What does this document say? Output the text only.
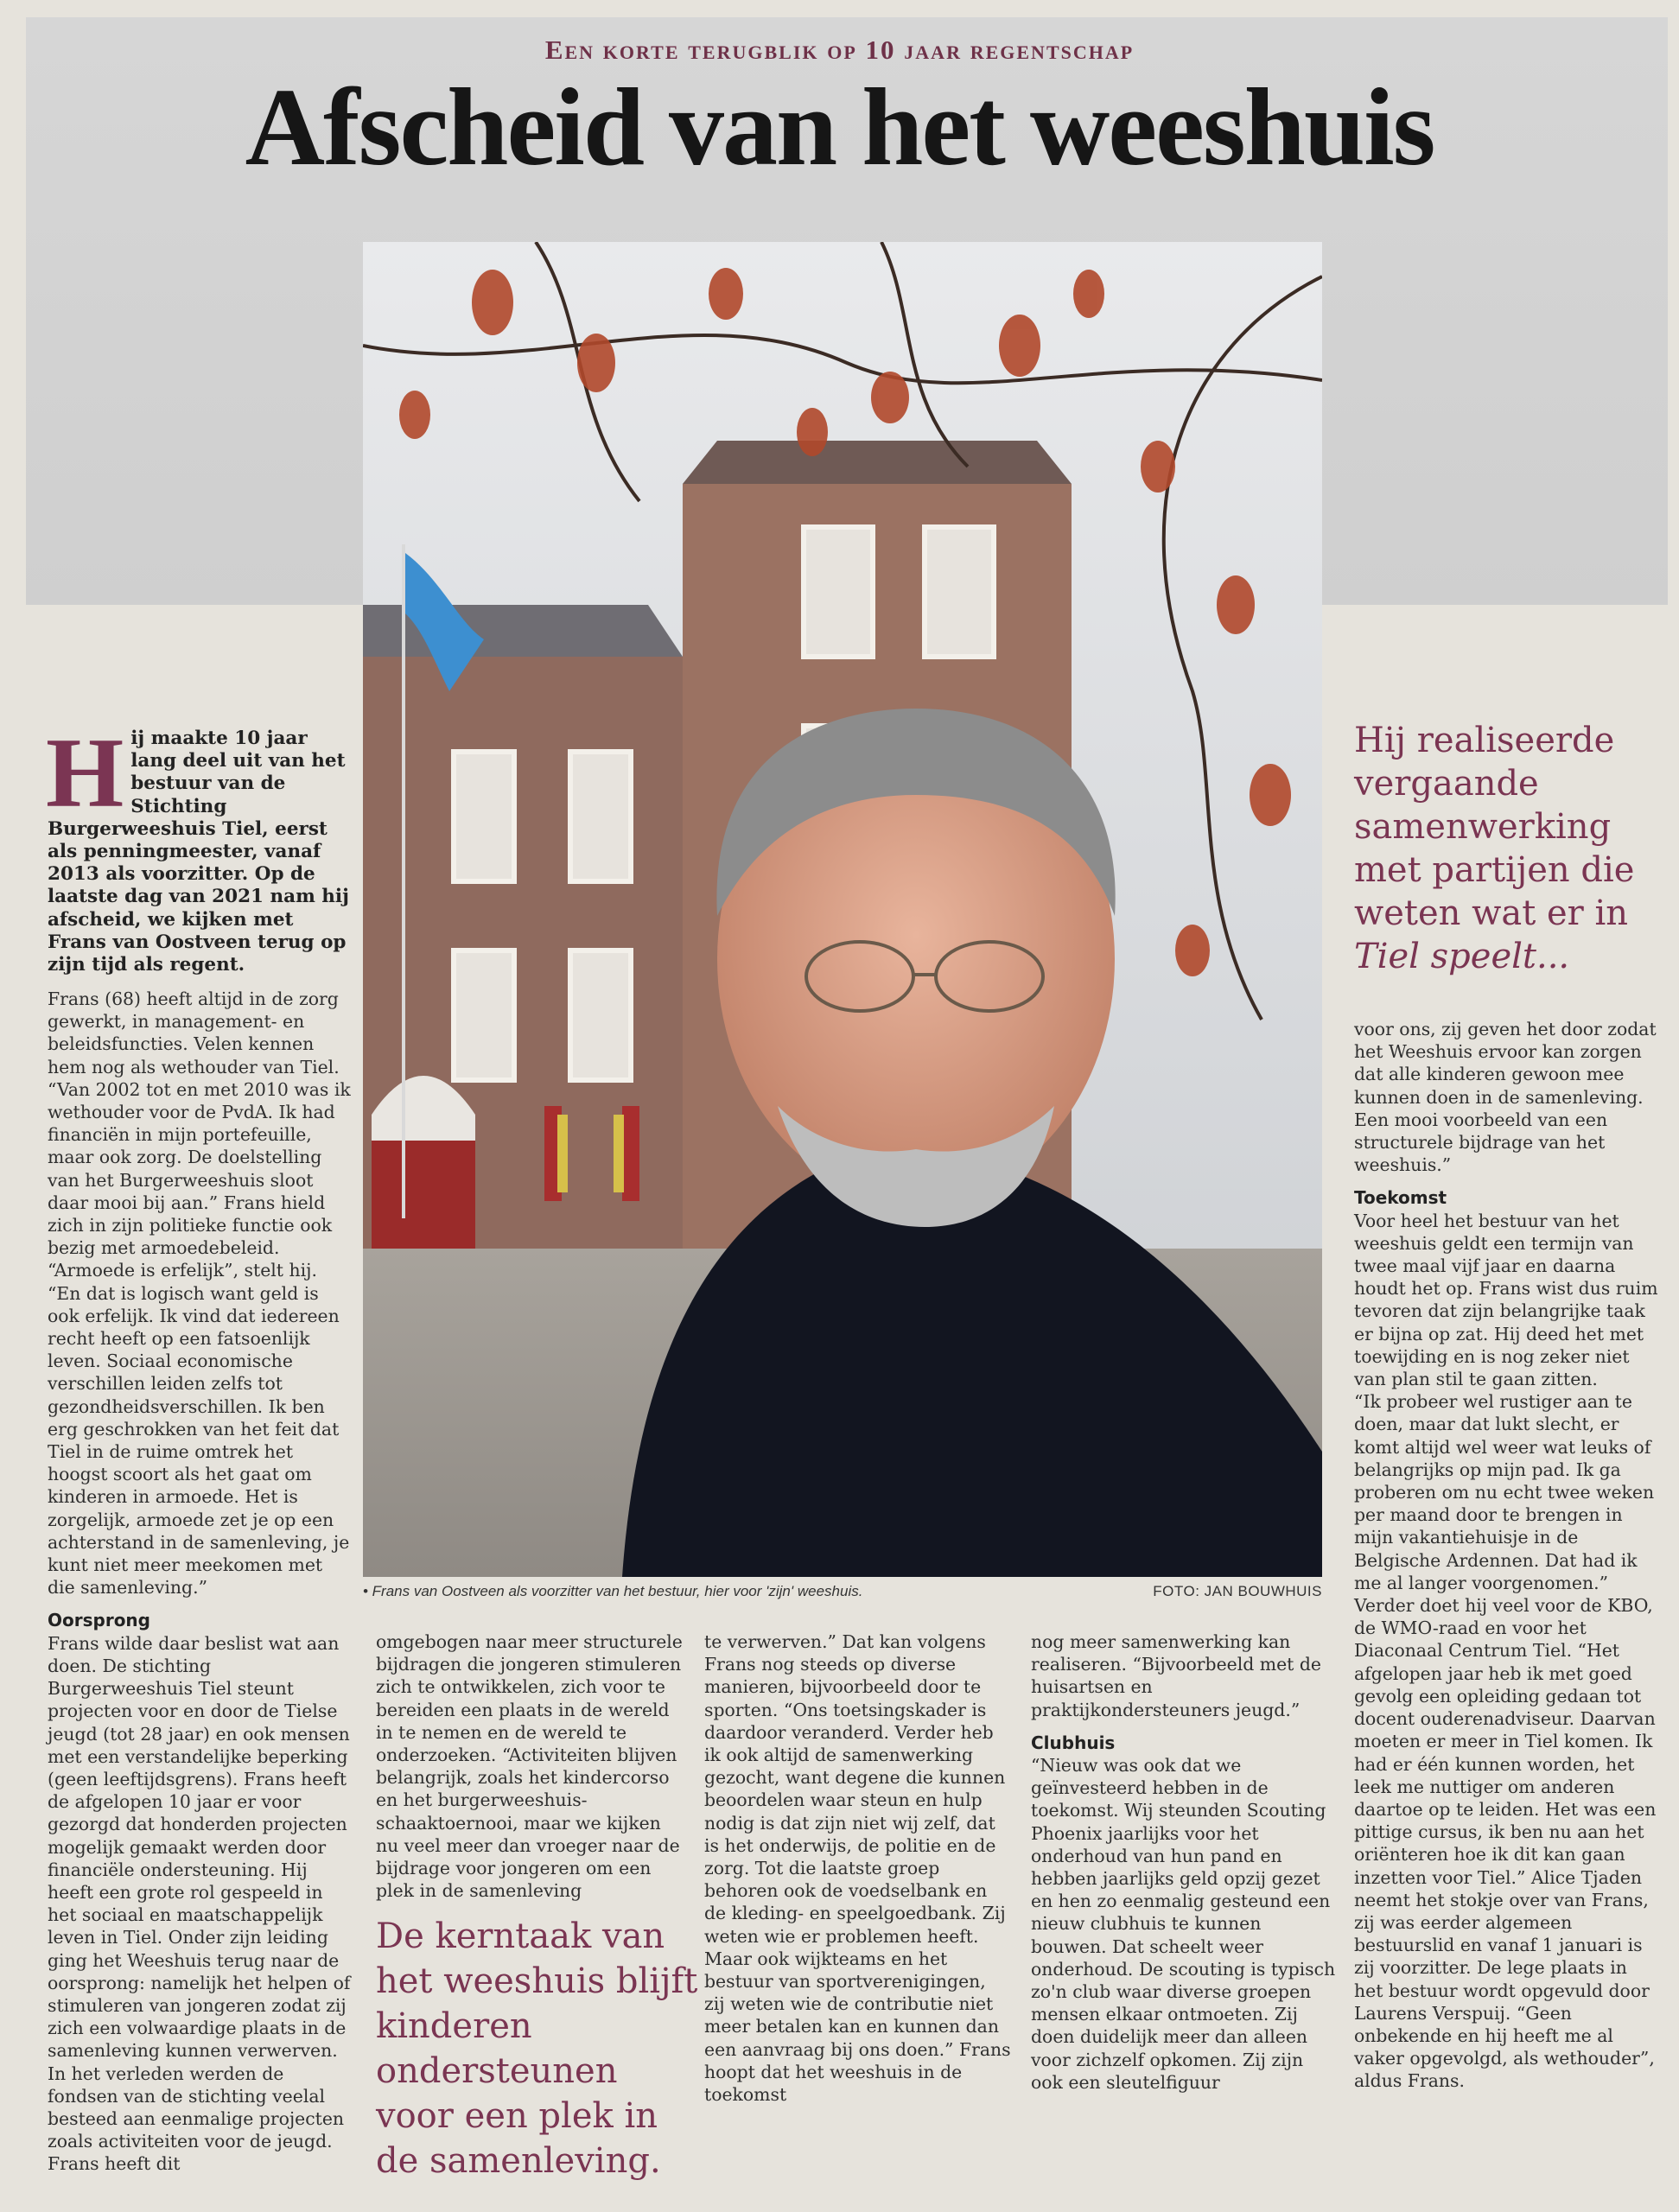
Een korte terugblik op 10 jaar regentschap
Afscheid van het weeshuis
• Frans van Oostveen als voorzitter van het bestuur, hier voor 'zijn' weeshuis.	FOTO: JAN BOUWHUIS
H ij maakte 10 jaar lang deel uit van het bestuur van de Stichting Burgerweeshuis Tiel, eerst als penningmeester, vanaf 2013 als voorzitter. Op de laatste dag van 2021 nam hij afscheid, we kijken met Frans van Oostveen terug op zijn tijd als regent.

Frans (68) heeft altijd in de zorg gewerkt, in management- en beleidsfuncties. Velen kennen hem nog als wethouder van Tiel. “Van 2002 tot en met 2010 was ik wethouder voor de PvdA. Ik had financiën in mijn portefeuille, maar ook zorg. De doelstelling van het Burgerweeshuis sloot daar mooi bij aan.” Frans hield zich in zijn politieke functie ook bezig met armoedebeleid. “Armoede is erfelijk”, stelt hij. “En dat is logisch want geld is ook erfelijk. Ik vind dat iedereen recht heeft op een fatsoenlijk leven. Sociaal economische verschillen leiden zelfs tot gezondheidsverschillen. Ik ben erg geschrokken van het feit dat Tiel in de ruime omtrek het hoogst scoort als het gaat om kinderen in armoede. Het is zorgelijk, armoede zet je op een achterstand in de samenleving, je kunt niet meer meekomen met die samenleving.”

Oorsprong

Frans wilde daar beslist wat aan doen. De stichting Burgerweeshuis Tiel steunt projecten voor en door de Tielse jeugd (tot 28 jaar) en ook mensen met een verstandelijke beperking (geen leeftijdsgrens). Frans heeft de afgelopen 10 jaar er voor gezorgd dat honderden projecten mogelijk gemaakt werden door financiële ondersteuning. Hij heeft een grote rol gespeeld in het sociaal en maatschappelijk leven in Tiel. Onder zijn leiding ging het Weeshuis terug naar de oorsprong: namelijk het helpen of stimuleren van jongeren zodat zij zich een volwaardige plaats in de samenleving kunnen verwerven.

In het verleden werden de fondsen van de stichting veelal besteed aan eenmalige projecten zoals activiteiten voor de jeugd. Frans heeft dit

omgebogen naar meer structurele bijdragen die jongeren stimuleren zich te ontwikkelen, zich voor te bereiden een plaats in de wereld in te nemen en de wereld te onderzoeken. “Activiteiten blijven belangrijk, zoals het kindercorso en het burgerweeshuis-schaaktoernooi, maar we kijken nu veel meer dan vroeger naar de bijdrage voor jongeren om een plek in de samenleving

De kerntaak van het weeshuis blijft kinderen ondersteunen voor een plek in de samenleving.

te verwerven.” Dat kan volgens Frans nog steeds op diverse manieren, bijvoorbeeld door te sporten. “Ons toetsingskader is daardoor veranderd. Verder heb ik ook altijd de samenwerking gezocht, want degene die kunnen beoordelen waar steun en hulp nodig is dat zijn niet wij zelf, dat is het onderwijs, de politie en de zorg. Tot die laatste groep behoren ook de voedselbank en de kleding- en speelgoedbank. Zij weten wie er problemen heeft. Maar ook wijkteams en het bestuur van sportverenigingen, zij weten wie de contributie niet meer betalen kan en kunnen dan een aanvraag bij ons doen.” Frans hoopt dat het weeshuis in de toekomst

nog meer samenwerking kan realiseren. “Bijvoorbeeld met de huisartsen en praktijkondersteuners jeugd.”

Clubhuis

“Nieuw was ook dat we geïnvesteerd hebben in de toekomst. Wij steunden Scouting Phoenix jaarlijks voor het onderhoud van hun pand en hebben jaarlijks geld opzij gezet en hen zo eenmalig gesteund een nieuw clubhuis te kunnen bouwen. Dat scheelt weer onderhoud. De scouting is typisch zo'n club waar diverse groepen mensen elkaar ontmoeten. Zij doen duidelijk meer dan alleen voor zichzelf opkomen. Zij zijn ook een sleutelfiguur

Hij realiseerde vergaande samenwerking met partijen die weten wat er in Tiel speelt...

voor ons, zij geven het door zodat het Weeshuis ervoor kan zorgen dat alle kinderen gewoon mee kunnen doen in de samenleving. Een mooi voorbeeld van een structurele bijdrage van het weeshuis.”

Toekomst

Voor heel het bestuur van het weeshuis geldt een termijn van twee maal vijf jaar en daarna houdt het op. Frans wist dus ruim tevoren dat zijn belangrijke taak er bijna op zat. Hij deed het met toewijding en is nog zeker niet van plan stil te gaan zitten.

“Ik probeer wel rustiger aan te doen, maar dat lukt slecht, er komt altijd wel weer wat leuks of belangrijks op mijn pad. Ik ga proberen om nu echt twee weken per maand door te brengen in mijn vakantiehuisje in de Belgische Ardennen. Dat had ik me al langer voorgenomen.” Verder doet hij veel voor de KBO, de WMO-raad en voor het Diaconaal Centrum Tiel. “Het afgelopen jaar heb ik met goed gevolg een opleiding gedaan tot docent ouderenadviseur. Daarvan moeten er meer in Tiel komen. Ik had er één kunnen worden, het leek me nuttiger om anderen daartoe op te leiden. Het was een pittige cursus, ik ben nu aan het oriënteren hoe ik dit kan gaan inzetten voor Tiel.” Alice Tjaden neemt het stokje over van Frans, zij was eerder algemeen bestuurslid en vanaf 1 januari is zij voorzitter. De lege plaats in het bestuur wordt opgevuld door Laurens Verspuij. “Geen onbekende en hij heeft me al vaker opgevolgd, als wethouder”, aldus Frans.
